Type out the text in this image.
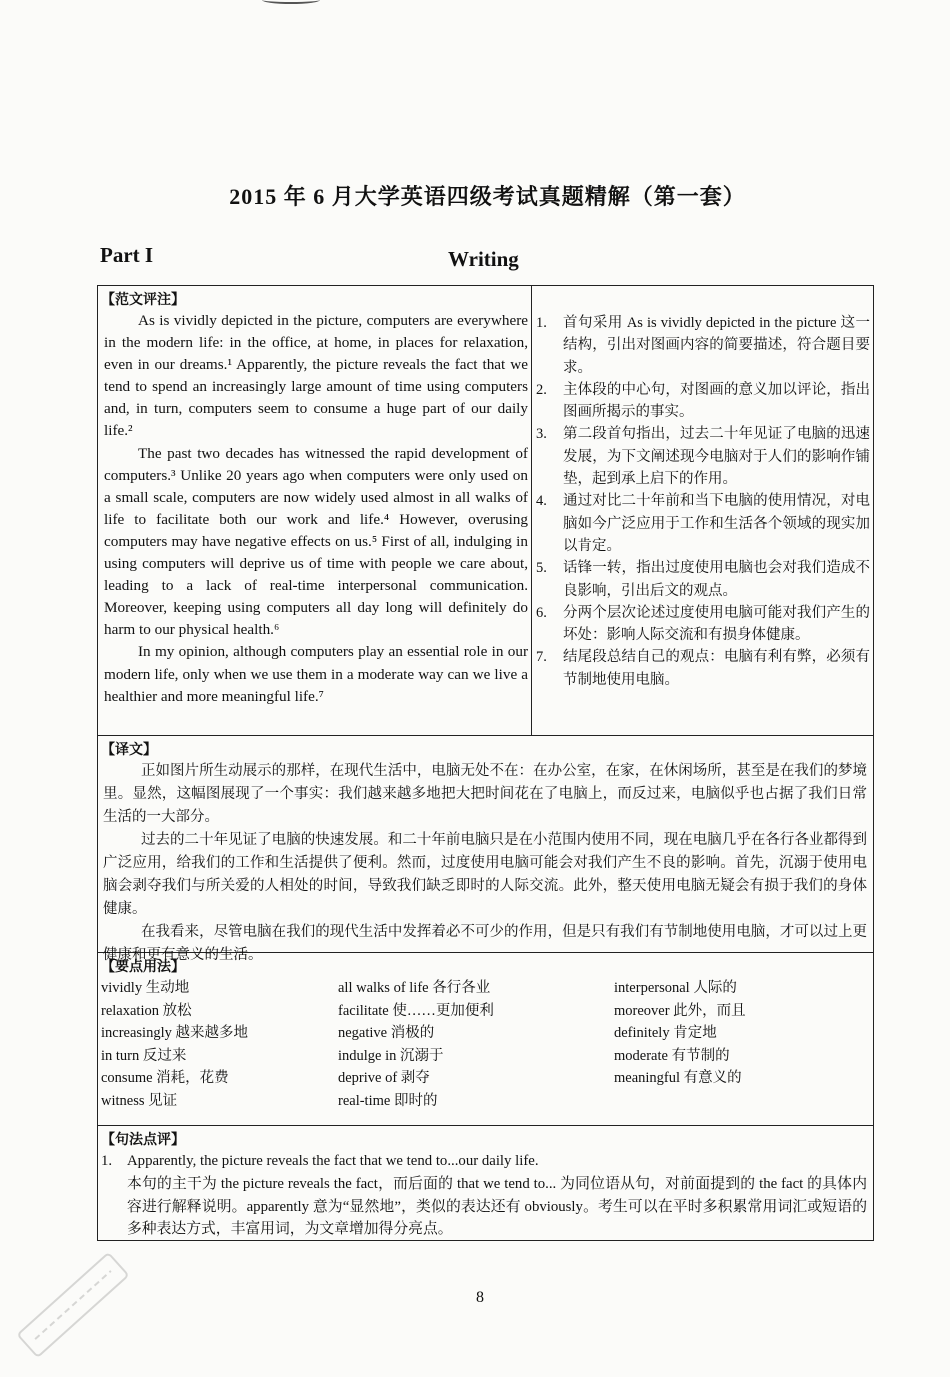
2015 年 6 月大学英语四级考试真题精解（第一套）
Part I	Writing
【范文评注】

As is vividly depicted in the picture, computers are everywhere in the modern life: in the office, at home, in places for relaxation, even in our dreams.¹ Apparently, the picture reveals the fact that we tend to spend an increasingly large amount of time using computers and, in turn, computers seem to consume a huge part of our daily life.²

The past two decades has witnessed the rapid development of computers.³ Unlike 20 years ago when computers were only used on a small scale, computers are now widely used almost in all walks of life to facilitate both our work and life.⁴ However, overusing computers may have negative effects on us.⁵ First of all, indulging in using computers will deprive us of time with people we care about, leading to a lack of real-time interpersonal communication. Moreover, keeping using computers all day long will definitely do harm to our physical health.⁶

In my opinion, although computers play an essential role in our modern life, only when we use them in a moderate way can we live a healthier and more meaningful life.⁷

1. 首句采用 As is vividly depicted in the picture 这一结构，引出对图画内容的简要描述，符合题目要求。
2. 主体段的中心句，对图画的意义加以评论，指出图画所揭示的事实。
3. 第二段首句指出，过去二十年见证了电脑的迅速发展，为下文阐述现今电脑对于人们的影响作铺垫，起到承上启下的作用。
4. 通过对比二十年前和当下电脑的使用情况，对电脑如今广泛应用于工作和生活各个领域的现实加以肯定。
5. 话锋一转，指出过度使用电脑也会对我们造成不良影响，引出后文的观点。
6. 分两个层次论述过度使用电脑可能对我们产生的坏处：影响人际交流和有损身体健康。
7. 结尾段总结自己的观点：电脑有利有弊，必须有节制地使用电脑。
【译文】

正如图片所生动展示的那样，在现代生活中，电脑无处不在：在办公室，在家，在休闲场所，甚至是在我们的梦境里。显然，这幅图展现了一个事实：我们越来越多地把大把时间花在了电脑上，而反过来，电脑似乎也占据了我们日常生活的一大部分。

过去的二十年见证了电脑的快速发展。和二十年前电脑只是在小范围内使用不同，现在电脑几乎在各行各业都得到广泛应用，给我们的工作和生活提供了便利。然而，过度使用电脑可能会对我们产生不良的影响。首先，沉溺于使用电脑会剥夺我们与所关爱的人相处的时间，导致我们缺乏即时的人际交流。此外，整天使用电脑无疑会有损于我们的身体健康。

在我看来，尽管电脑在我们的现代生活中发挥着必不可少的作用，但是只有我们有节制地使用电脑，才可以过上更健康和更有意义的生活。

【要点用法】
vividly 生动地
relaxation 放松
increasingly 越来越多地
in turn 反过来
consume 消耗，花费
witness 见证
all walks of life 各行各业
facilitate 使……更加便利
negative 消极的
indulge in 沉溺于
deprive of 剥夺
real-time 即时的
interpersonal 人际的
moreover 此外，而且
definitely 肯定地
moderate 有节制的
meaningful 有意义的
【句法点评】
1. Apparently, the picture reveals the fact that we tend to...our daily life.
本句的主干为 the picture reveals the fact，而后面的 that we tend to... 为同位语从句，对前面提到的 the fact 的具体内容进行解释说明。apparently 意为“显然地”，类似的表达还有 obviously。考生可以在平时多积累常用词汇或短语的多种表达方式，丰富用词，为文章增加得分亮点。
8
